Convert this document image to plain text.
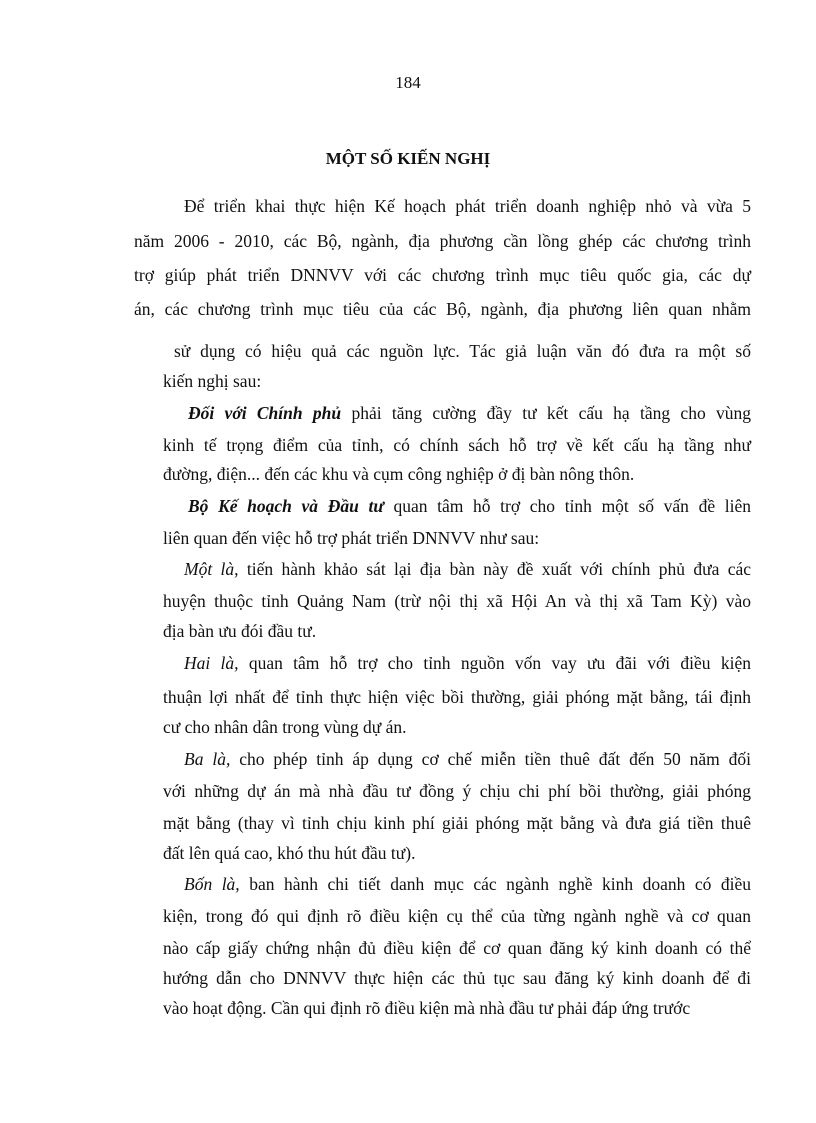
184
MỘT SỐ KIẾN NGHỊ
Để triển khai thực hiện Kế hoạch phát triển doanh nghiệp nhỏ và vừa 5
năm 2006 - 2010, các Bộ, ngành, địa phương cần lồng ghép các chương trình
trợ giúp phát triển DNNVV với các chương trình mục tiêu quốc gia, các dự
án, các chương trình mục tiêu của các Bộ, ngành, địa phương liên quan nhằm
sử dụng có hiệu quả các nguồn lực. Tác giả luận văn đó đưa ra một số
kiến nghị sau:
Đối với Chính phủ phải tăng cường đầy tư kết cấu hạ tầng cho vùng
kinh tế trọng điểm của tỉnh, có chính sách hỗ trợ về kết cấu hạ tầng như
đường, điện... đến các khu và cụm công nghiệp ở đị bàn nông thôn.
Bộ Kế hoạch và Đầu tư quan tâm hỗ trợ cho tỉnh một số vấn đề liên
liên quan đến việc hỗ trợ phát triển DNNVV như sau:
Một là, tiến hành khảo sát lại địa bàn này đề xuất với chính phủ đưa các
huyện thuộc tỉnh Quảng Nam (trừ nội thị xã Hội An và thị xã Tam Kỳ) vào
địa bàn ưu đói đầu tư.
Hai là, quan tâm hỗ trợ cho tỉnh nguồn vốn vay ưu đãi với điều kiện
thuận lợi nhất để tỉnh thực hiện việc bồi thường, giải phóng mặt bằng, tái định
cư cho nhân dân trong vùng dự án.
Ba là, cho phép tỉnh áp dụng cơ chế miễn tiền thuê đất đến 50 năm đối
với những dự án mà nhà đầu tư đồng ý chịu chi phí bồi thường, giải phóng
mặt bằng (thay vì tỉnh chịu kinh phí giải phóng mặt bằng và đưa giá tiền thuê
đất lên quá cao, khó thu hút đầu tư).
Bốn là, ban hành chi tiết danh mục các ngành nghề kinh doanh có điều
kiện, trong đó qui định rõ điều kiện cụ thể của từng ngành nghề và cơ quan
nào cấp giấy chứng nhận đủ điều kiện để cơ quan đăng ký kinh doanh có thể
hướng dẫn cho DNNVV thực hiện các thủ tục sau đăng ký kinh doanh để đi
vào hoạt động. Cần qui định rõ điều kiện mà nhà đầu tư phải đáp ứng trước
